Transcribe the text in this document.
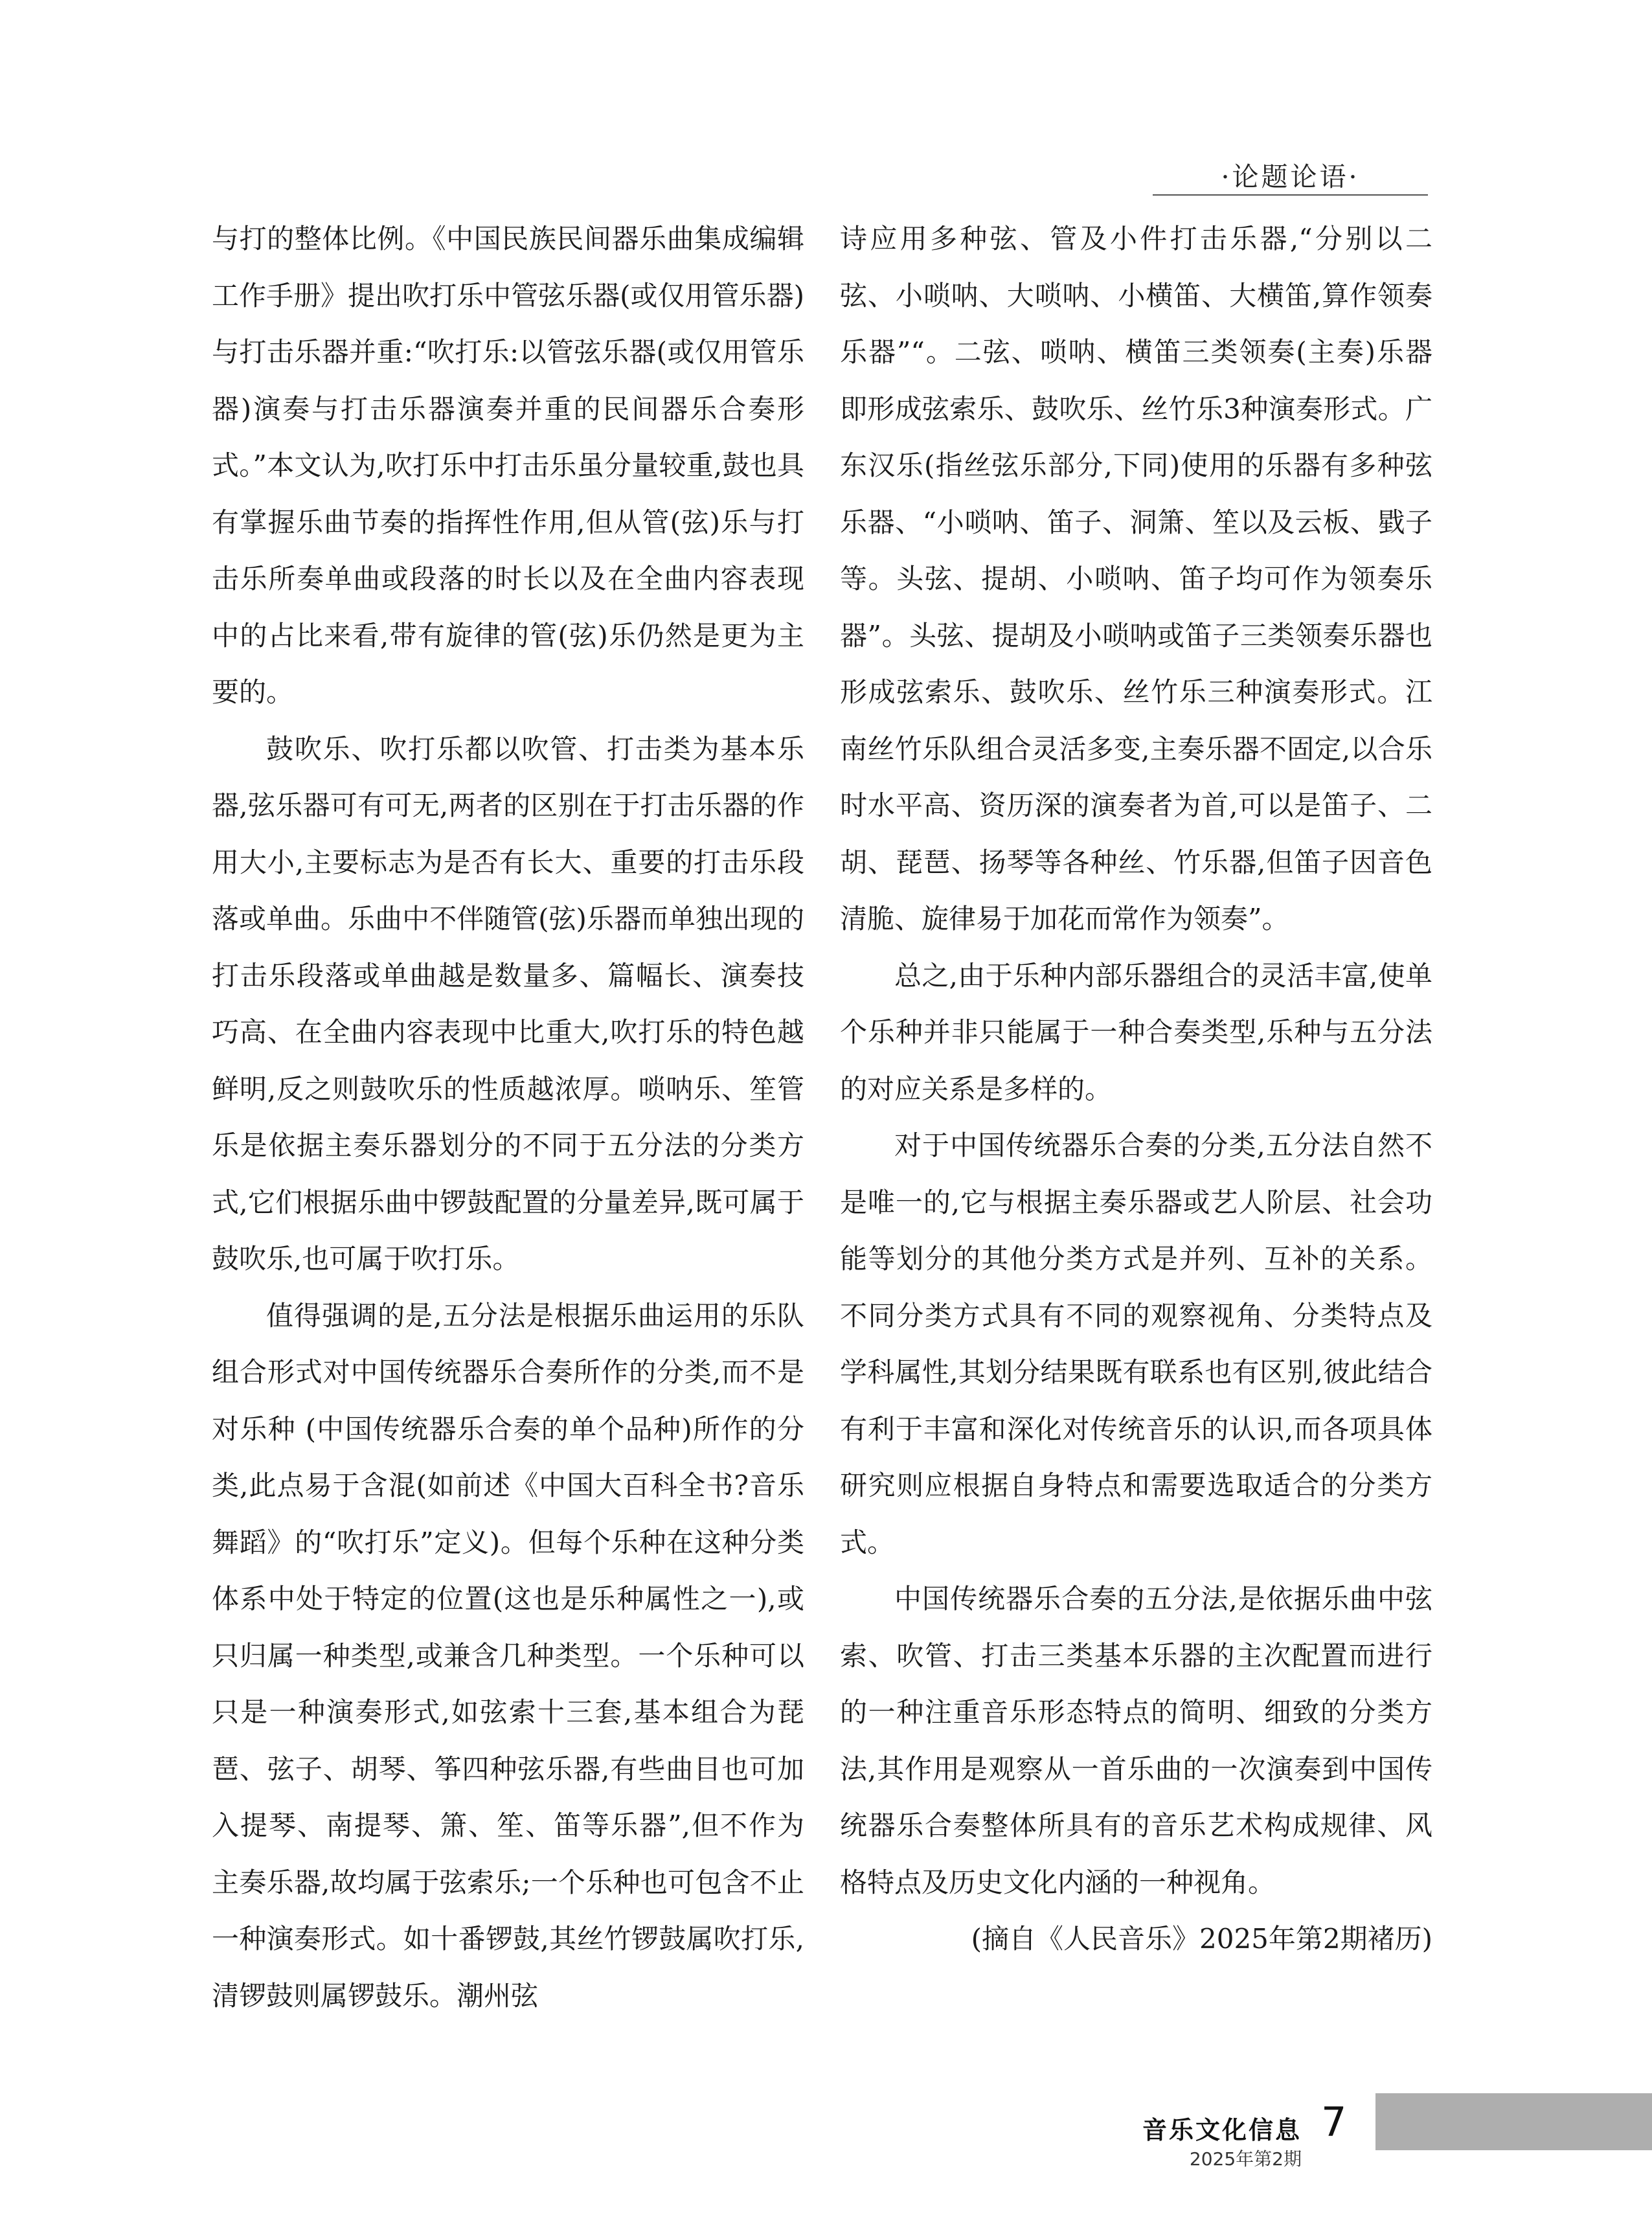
·论题论语·

与打的整体比例。《中国民族民间器乐曲集成编辑工作手册》提出吹打乐中管弦乐器(或仅用管乐器)与打击乐器并重:“吹打乐:以管弦乐器(或仅用管乐器)演奏与打击乐器演奏并重的民间器乐合奏形式。”本文认为,吹打乐中打击乐虽分量较重,鼓也具有掌握乐曲节奏的指挥性作用,但从管(弦)乐与打击乐所奏单曲或段落的时长以及在全曲内容表现中的占比来看,带有旋律的管(弦)乐仍然是更为主要的。

鼓吹乐、吹打乐都以吹管、打击类为基本乐器,弦乐器可有可无,两者的区别在于打击乐器的作用大小,主要标志为是否有长大、重要的打击乐段落或单曲。乐曲中不伴随管(弦)乐器而单独出现的打击乐段落或单曲越是数量多、篇幅长、演奏技巧高、在全曲内容表现中比重大,吹打乐的特色越鲜明,反之则鼓吹乐的性质越浓厚。唢呐乐、笙管乐是依据主奏乐器划分的不同于五分法的分类方式,它们根据乐曲中锣鼓配置的分量差异,既可属于鼓吹乐,也可属于吹打乐。

值得强调的是,五分法是根据乐曲运用的乐队组合形式对中国传统器乐合奏所作的分类,而不是对乐种 (中国传统器乐合奏的单个品种)所作的分类,此点易于含混(如前述《中国大百科全书?音乐舞蹈》的“吹打乐”定义)。但每个乐种在这种分类体系中处于特定的位置(这也是乐种属性之一),或只归属一种类型,或兼含几种类型。一个乐种可以只是一种演奏形式,如弦索十三套,基本组合为琵琶、弦子、胡琴、筝四种弦乐器,有些曲目也可加入提琴、南提琴、箫、笙、笛等乐器”,但不作为主奏乐器,故均属于弦索乐;一个乐种也可包含不止一种演奏形式。如十番锣鼓,其丝竹锣鼓属吹打乐,清锣鼓则属锣鼓乐。潮州弦

诗应用多种弦、管及小件打击乐器,“分别以二弦、小唢呐、大唢呐、小横笛、大横笛,算作领奏乐器”“。二弦、唢呐、横笛三类领奏(主奏)乐器即形成弦索乐、鼓吹乐、丝竹乐3种演奏形式。广东汉乐(指丝弦乐部分,下同)使用的乐器有多种弦乐器、“小唢呐、笛子、洞箫、笙以及云板、戥子等。头弦、提胡、小唢呐、笛子均可作为领奏乐器”。头弦、提胡及小唢呐或笛子三类领奏乐器也形成弦索乐、鼓吹乐、丝竹乐三种演奏形式。江南丝竹乐队组合灵活多变,主奏乐器不固定,以合乐时水平高、资历深的演奏者为首,可以是笛子、二胡、琵琶、扬琴等各种丝、竹乐器,但笛子因音色清脆、旋律易于加花而常作为领奏”。

总之,由于乐种内部乐器组合的灵活丰富,使单个乐种并非只能属于一种合奏类型,乐种与五分法的对应关系是多样的。

对于中国传统器乐合奏的分类,五分法自然不是唯一的,它与根据主奏乐器或艺人阶层、社会功能等划分的其他分类方式是并列、互补的关系。不同分类方式具有不同的观察视角、分类特点及学科属性,其划分结果既有联系也有区别,彼此结合有利于丰富和深化对传统音乐的认识,而各项具体研究则应根据自身特点和需要选取适合的分类方式。

中国传统器乐合奏的五分法,是依据乐曲中弦索、吹管、打击三类基本乐器的主次配置而进行的一种注重音乐形态特点的简明、细致的分类方法,其作用是观察从一首乐曲的一次演奏到中国传统器乐合奏整体所具有的音乐艺术构成规律、风格特点及历史文化内涵的一种视角。

(摘自《人民音乐》2025年第2期褚历)

音乐文化信息
2025年第2期
7
